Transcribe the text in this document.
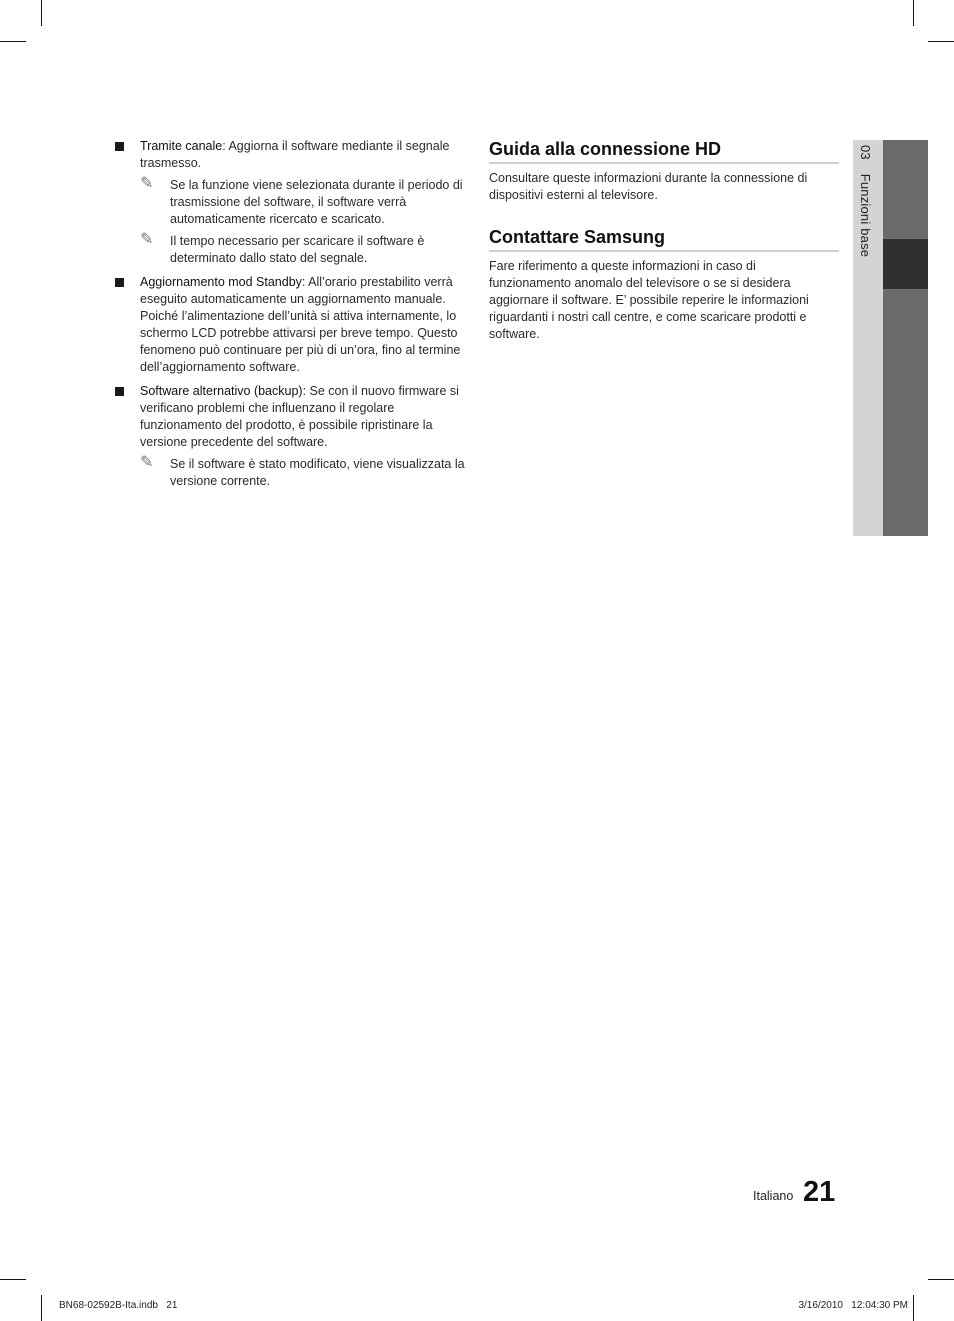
Tramite canale: Aggiorna il software mediante il segnale trasmesso.
✎ Se la funzione viene selezionata durante il periodo di trasmissione del software, il software verrà automaticamente ricercato e scaricato.
✎ Il tempo necessario per scaricare il software è determinato dallo stato del segnale.
Aggiornamento mod Standby: All’orario prestabilito verrà eseguito automaticamente un aggiornamento manuale. Poiché l’alimentazione dell’unità si attiva internamente, lo schermo LCD potrebbe attivarsi per breve tempo. Questo fenomeno può continuare per più di un’ora, fino al termine dell’aggiornamento software.
Software alternativo (backup): Se con il nuovo firmware si verificano problemi che influenzano il regolare funzionamento del prodotto, è possibile ripristinare la versione precedente del software.
✎ Se il software è stato modificato, viene visualizzata la versione corrente.
Guida alla connessione HD

Consultare queste informazioni durante la connessione di dispositivi esterni al televisore.

Contattare Samsung

Fare riferimento a queste informazioni in caso di funzionamento anomalo del televisore o se si desidera aggiornare il software. E’ possibile reperire le informazioni riguardanti i nostri call centre, e come scaricare prodotti e software.

03 Funzioni base
Italiano 21
BN68-02592B-Ita.indb   21	3/16/2010   12:04:30 PM
